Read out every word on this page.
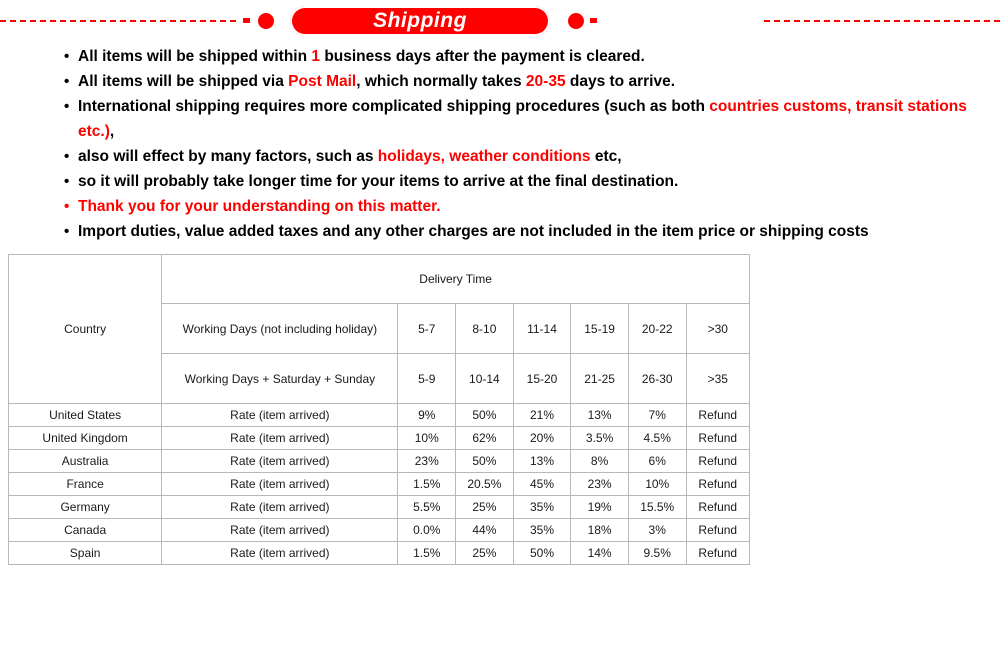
Shipping
• All items will be shipped within 1 business days after the payment is cleared.
• All items will be shipped via Post Mail, which normally takes 20-35 days to arrive.
• International shipping requires more complicated shipping procedures (such as both countries customs, transit stations etc.),
• also will effect by many factors, such as holidays, weather conditions etc,
• so it will probably take longer time for your items to arrive at the final destination.
• Thank you for your understanding on this matter.
• Import duties, value added taxes and any other charges are not included in the item price or shipping costs
Country	Delivery Time						
	Working Days (not including holiday)	5-7	8-10	11-14	15-19	20-22	>30
	Working Days + Saturday + Sunday	5-9	10-14	15-20	21-25	26-30	>35
United States	Rate (item arrived)	9%	50%	21%	13%	7%	Refund
United Kingdom	Rate (item arrived)	10%	62%	20%	3.5%	4.5%	Refund
Australia	Rate (item arrived)	23%	50%	13%	8%	6%	Refund
France	Rate (item arrived)	1.5%	20.5%	45%	23%	10%	Refund
Germany	Rate (item arrived)	5.5%	25%	35%	19%	15.5%	Refund
Canada	Rate (item arrived)	0.0%	44%	35%	18%	3%	Refund
Spain	Rate (item arrived)	1.5%	25%	50%	14%	9.5%	Refund
